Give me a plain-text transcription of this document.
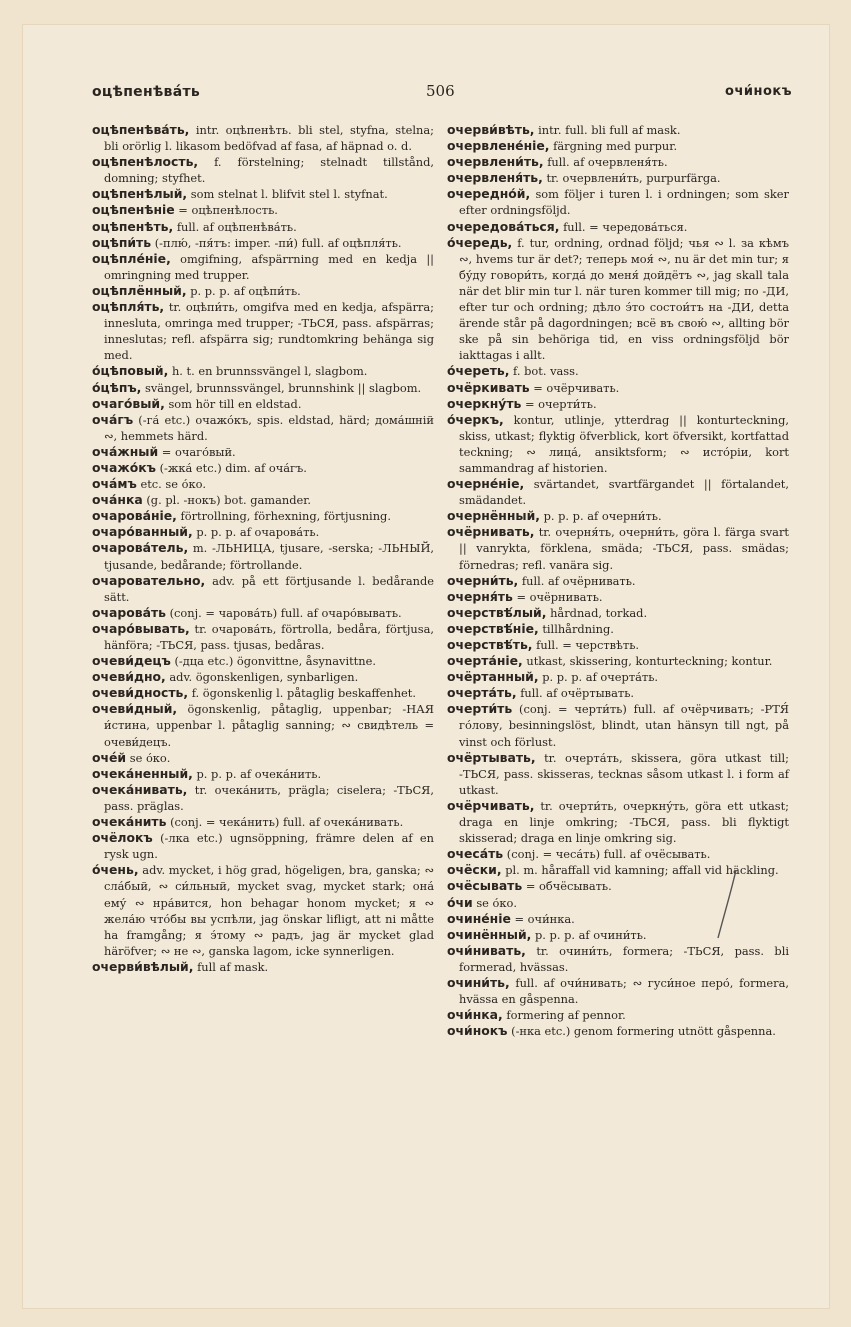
оцѣпенѣва́ть	506	очи́нокъ

оцѣпенѣва́ть, intr. оцѣпенѣть. bli stel, styfna, stelna; bli orörlig l. likasom bedöfvad af fasa, af häpnad o. d.

оцѣпенѣлость, f. förstelning; stelnadt tillstånd, domning; styfhet.

оцѣпенѣлый, som stelnat l. blifvit stel l. styfnat.

оцѣпенѣніе = оцѣпенѣлость.

оцѣпенѣть, full. af оцѣпенѣва́ть.

оцѣпи́ть (-плю́, -пя́тъ: imper. -пи́) full. af оцѣпля́ть.

оцѣпле́ніе, omgifning, afspärrning med en kedja || omringning med trupper.

оцѣплённый, p. p. p. af оцѣпи́ть.

оцѣпля́ть, tr. оцѣпи́ть, omgifva med en kedja, afspärra; innesluta, omringa med trupper; -ТЬСЯ, pass. afspärras; inneslutas; refl. afspärra sig; rundtomkring behänga sig med.

о́цѣповый, h. t. en brunnssvängel l, slagbom.

о́цѣпъ, svängel, brunnssvängel, brunnshink || slagbom.

очаго́вый, som hör till en eldstad.

оча́гъ (-га́ etc.) очажо́къ, spis. eldstad, härd; дома́шній ∾, hemmets härd.

оча́жный = очаго́вый.

очажо́къ (-жка́ etc.) dim. af оча́гъ.

очáмъ etc. se о́ко.

оча́нка (g. pl. -нокъ) bot. gamander.

очарова́ніе, förtrollning, förhexning, förtjusning.

очаро́ванный, p. p. p. af очарова́ть.

очарова́тель, m. -ЛЬНИЦА, tjusare, -serska; -ЛЬНЫЙ, tjusande, bedårande; förtrollande.

очаровательно, adv. på ett förtjusande l. bedårande sätt.

очарова́ть (conj. = чарова́ть) full. af очаро́вывать.

очаро́вывать, tr. очарова́ть, förtrolla, bedåra, förtjusa, hänföra; -ТЬСЯ, pass. tjusas, bedåras.

очеви́децъ (-дца etc.) ögonvittne, åsynavittne.

очеви́дно, adv. ögonskenligen, synbarligen.

очеви́дность, f. ögonskenlig l. påtaglig beskaffenhet.

очеви́дный, ögonskenlig, påtaglig, uppenbar; -НАЯ и́стина, uppenbar l. påtaglig sanning; ∾ свидѣтель = очеви́децъ.

очéй se о́ко.

очека́ненный, p. p. p. af очека́нить.

очека́нивать, tr. очека́нить, prägla; ciselera; -ТЬСЯ, pass. präglas.

очека́нить (conj. = чека́нить) full. af очека́нивать.

очёлокъ (-лка etc.) ugnsöppning, främre delen af en rysk ugn.

о́чень, adv. mycket, i hög grad, högeligen, bra, ganska; ∾ сла́бый, ∾ си́льный, mycket svag, mycket stark; она́ ему́ ∾ нра́вится, hon behagar honom mycket; я ∾ жела́ю что́бы вы успѣли, jag önskar lifligt, att ni måtte ha framgång; я э́тому ∾ радъ, jag är mycket glad häröfver; ∾ не ∾, ganska lagom, icke synnerligen.

очерви́вѣлый, full af mask.

очерви́вѣть, intr. full. bli full af mask.

очервлене́ніе, färgning med purpur.

очервлени́ть, full. af очервленя́ть.

очервленя́ть, tr. очервлени́ть, purpurfärga.

очередно́й, som följer i turen l. i ordningen; som sker efter ordningsföljd.

очередова́ться, full. = чередова́ться.

о́чередь, f. tur, ordning, ordnad följd; чья ∾ l. за кѣмъ ∾, hvems tur är det?; теперь моя́ ∾, nu är det min tur; я бу́ду говори́ть, когда́ до меня́ дойдётъ ∾, jag skall tala när det blir min tur l. när turen kommer till mig; по -ДИ, efter tur och ordning; дѣло э́то состои́тъ на -ДИ, detta ärende står på dagordningen; всё въ свою́ ∾, allting bör ske på sin behöriga tid, en viss ordningsföljd bör iakttagas i allt.

о́череть, f. bot. vass.

очёркивать = очёрчивать.

очеркну́ть = очерти́ть.

о́черкъ, kontur, utlinje, ytterdrag || konturteckning, skiss, utkast; flyktig öfverblick, kort öfversikt, kortfattad teckning; ∾ лица́, ansiktsform; ∾ исто́ріи, kort sammandrag af historien.

очерне́ніе, svärtandet, svartfärgandet || förtalandet, smädandet.

очернённый, p. p. p. af очерни́ть.

очёрнивать, tr. очерня́ть, очерни́ть, göra l. färga svart || vanrykta, förklena, smäda; -ТЬСЯ, pass. smädas; förnedras; refl. vanära sig.

очерни́ть, full. af очёрнивать.

очерня́ть = очёрнивать.

очерствѣ́лый, hårdnad, torkad.

очерствѣ́ніе, tillhårdning.

очерствѣ́ть, full. = черствѣть.

очерта́ніе, utkast, skissering, konturteckning; kontur.

очёртанный, p. p. p. af очерта́ть.

очерта́ть, full. af очёртывать.

очерти́ть (conj. = черти́ть) full. af очёрчивать; -РТЯ́ го́лову, besinningslöst, blindt, utan hänsyn till ngt, på vinst och förlust.

очёртывать, tr. очерта́ть, skissera, göra utkast till; -ТЬСЯ, pass. skisseras, tecknas såsom utkast l. i form af utkast.

очёрчивать, tr. очерти́ть, очеркну́ть, göra ett utkast; draga en linje omkring; -ТЬСЯ, pass. bli flyktigt skisserad; draga en linje omkring sig.

очеса́ть (conj. = чеса́ть) full. af очёсывать.

очёски, pl. m. håraffall vid kamning; affall vid häckling.

очёсывать = обчёсывать.

о́чи se о́ко.

очине́ніе = очи́нка.

очинённый, p. p. p. af очини́ть.

очи́нивать, tr. очини́ть, formera; -ТЬСЯ, pass. bli formerad, hvässas.

очини́ть, full. af очи́нивать; ∾ гуси́ное перо́, formera, hvässa en gåspenna.

очи́нка, formering af pennor.

очи́нокъ (-нка etc.) genom formering utnött gåspenna.
